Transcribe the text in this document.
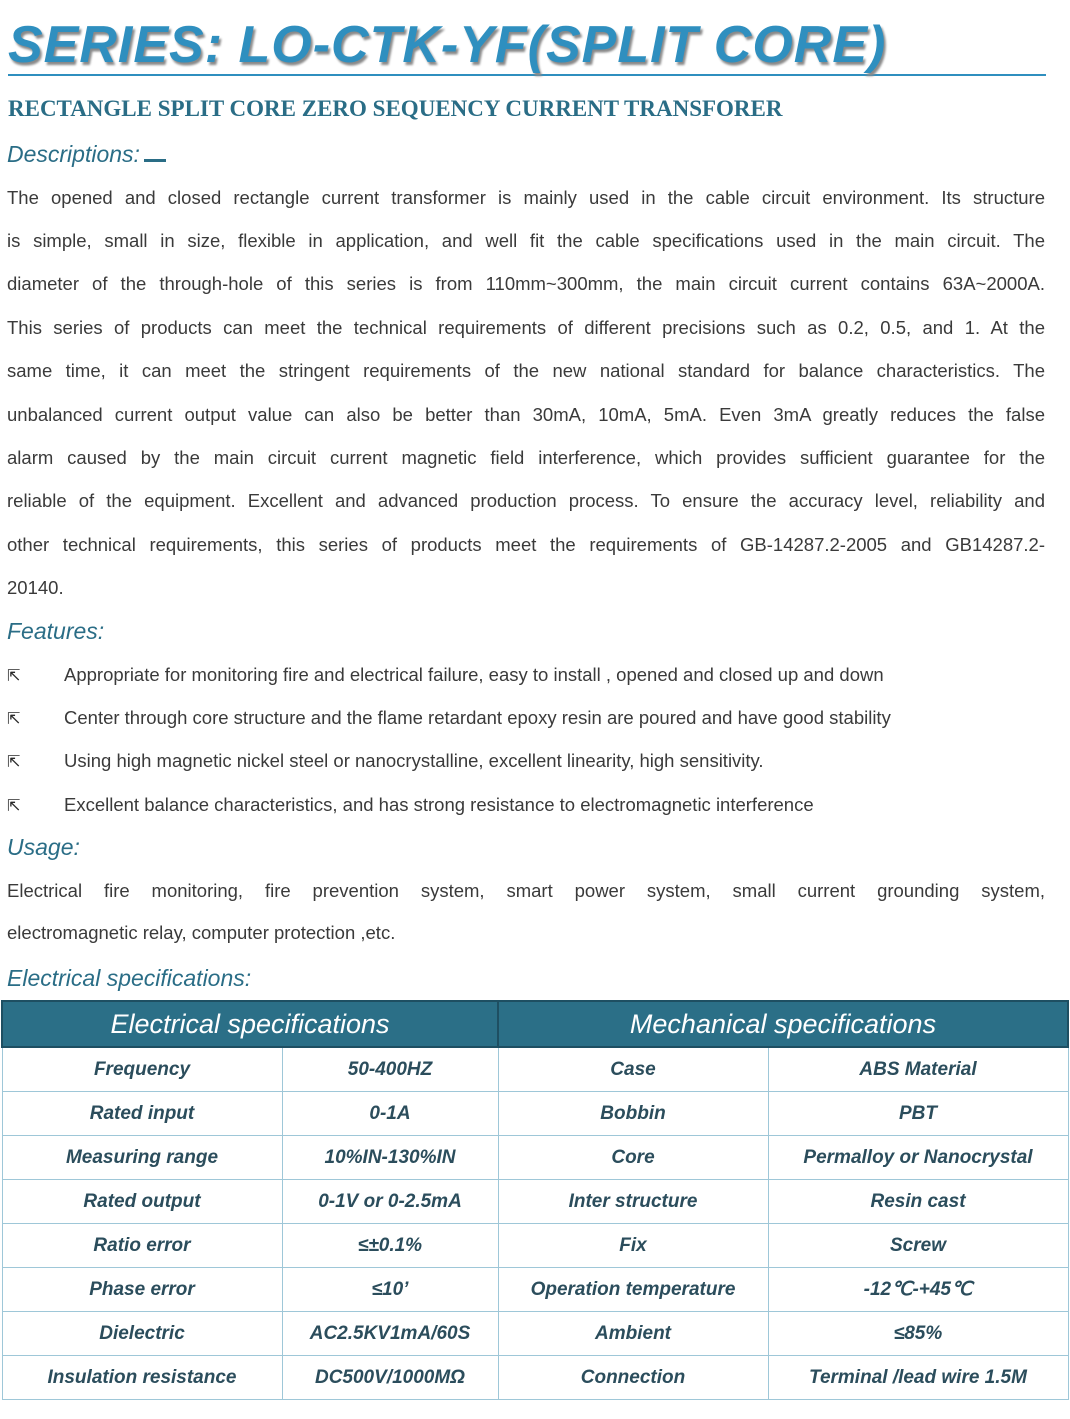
SERIES: LO-CTK-YF(SPLIT CORE)
RECTANGLE SPLIT CORE ZERO SEQUENCY CURRENT TRANSFORER
Descriptions:
The opened and closed rectangle current transformer is mainly used in the cable circuit environment. Its structure
is simple, small in size, flexible in application, and well fit the cable specifications used in the main circuit. The
diameter of the through-hole of this series is from 110mm~300mm, the main circuit current contains 63A~2000A.
This series of products can meet the technical requirements of different precisions such as 0.2, 0.5, and 1. At the
same time, it can meet the stringent requirements of the new national standard for balance characteristics. The
unbalanced current output value can also be better than 30mA, 10mA, 5mA. Even 3mA greatly reduces the false
alarm caused by the main circuit current magnetic field interference, which provides sufficient guarantee for the
reliable of the equipment. Excellent and advanced production process. To ensure the accuracy level, reliability and
other technical requirements, this series of products meet the requirements of GB-14287.2-2005 and GB14287.2-
20140.
Features:
⇱ Appropriate for monitoring fire and electrical failure, easy to install , opened and closed up and down
⇱ Center through core structure and the flame retardant epoxy resin are poured and have good stability
⇱ Using high magnetic nickel steel or nanocrystalline, excellent linearity, high sensitivity.
⇱ Excellent balance characteristics, and has strong resistance to electromagnetic interference
Usage:
Electrical fire monitoring, fire prevention system, smart power system, small current grounding system,
electromagnetic relay, computer protection ,etc.
Electrical specifications:
Electrical specifications		Mechanical specifications	
Frequency	50-400HZ	Case	ABS Material
Rated input	0-1A	Bobbin	PBT
Measuring range	10%IN-130%IN	Core	Permalloy or Nanocrystal
Rated output	0-1V or 0-2.5mA	Inter structure	Resin cast
Ratio error	≤±0.1%	Fix	Screw
Phase error	≤10’	Operation temperature	-12℃-+45℃
Dielectric	AC2.5KV1mA/60S	Ambient	≤85%
Insulation resistance	DC500V/1000MΩ	Connection	Terminal /lead wire 1.5M
